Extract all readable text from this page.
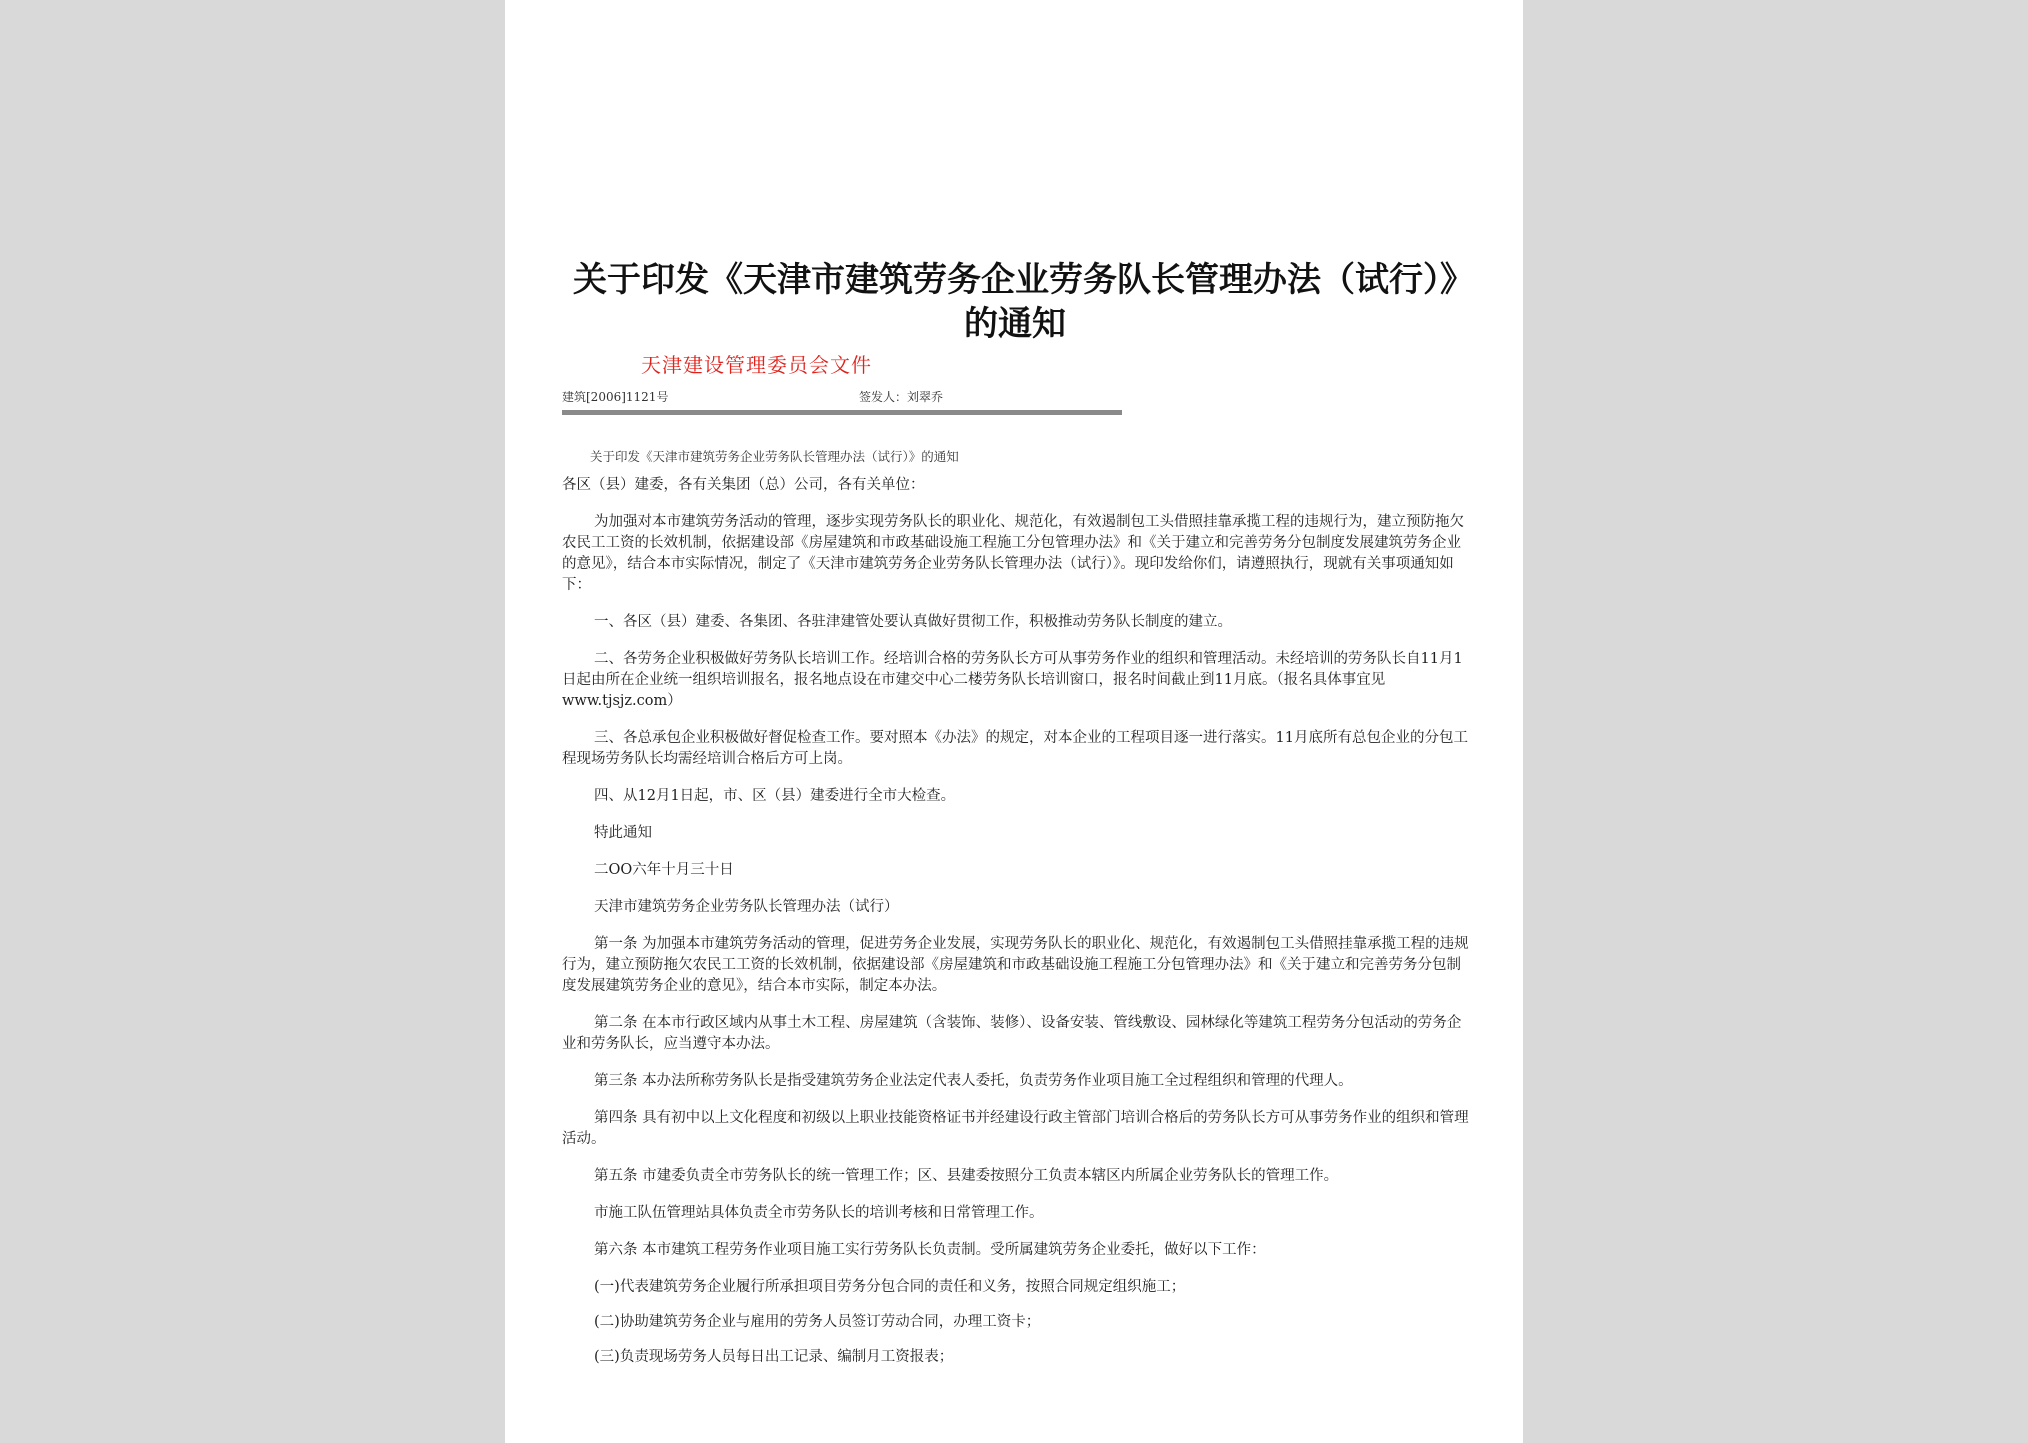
关于印发《天津市建筑劳务企业劳务队长管理办法（试行）》的通知
天津建设管理委员会文件
建筑[2006]1121号	签发人：刘翠乔

关于印发《天津市建筑劳务企业劳务队长管理办法（试行）》的通知

各区（县）建委，各有关集团（总）公司，各有关单位：

为加强对本市建筑劳务活动的管理，逐步实现劳务队长的职业化、规范化，有效遏制包工头借照挂靠承揽工程的违规行为，建立预防拖欠农民工工资的长效机制，依据建设部《房屋建筑和市政基础设施工程施工分包管理办法》和《关于建立和完善劳务分包制度发展建筑劳务企业的意见》，结合本市实际情况，制定了《天津市建筑劳务企业劳务队长管理办法（试行）》。现印发给你们，请遵照执行，现就有关事项通知如下：

一、各区（县）建委、各集团、各驻津建管处要认真做好贯彻工作，积极推动劳务队长制度的建立。

二、各劳务企业积极做好劳务队长培训工作。经培训合格的劳务队长方可从事劳务作业的组织和管理活动。未经培训的劳务队长自11月1日起由所在企业统一组织培训报名，报名地点设在市建交中心二楼劳务队长培训窗口，报名时间截止到11月底。（报名具体事宜见www.tjsjz.com）

三、各总承包企业积极做好督促检查工作。要对照本《办法》的规定，对本企业的工程项目逐一进行落实。11月底所有总包企业的分包工程现场劳务队长均需经培训合格后方可上岗。

四、从12月1日起，市、区（县）建委进行全市大检查。

特此通知

二OO六年十月三十日

天津市建筑劳务企业劳务队长管理办法（试行）

第一条 为加强本市建筑劳务活动的管理，促进劳务企业发展，实现劳务队长的职业化、规范化，有效遏制包工头借照挂靠承揽工程的违规行为，建立预防拖欠农民工工资的长效机制，依据建设部《房屋建筑和市政基础设施工程施工分包管理办法》和《关于建立和完善劳务分包制度发展建筑劳务企业的意见》，结合本市实际，制定本办法。

第二条 在本市行政区域内从事土木工程、房屋建筑（含装饰、装修）、设备安装、管线敷设、园林绿化等建筑工程劳务分包活动的劳务企业和劳务队长，应当遵守本办法。

第三条 本办法所称劳务队长是指受建筑劳务企业法定代表人委托，负责劳务作业项目施工全过程组织和管理的代理人。

第四条 具有初中以上文化程度和初级以上职业技能资格证书并经建设行政主管部门培训合格后的劳务队长方可从事劳务作业的组织和管理活动。

第五条 市建委负责全市劳务队长的统一管理工作；区、县建委按照分工负责本辖区内所属企业劳务队长的管理工作。

市施工队伍管理站具体负责全市劳务队长的培训考核和日常管理工作。

第六条 本市建筑工程劳务作业项目施工实行劳务队长负责制。受所属建筑劳务企业委托，做好以下工作：

(一)代表建筑劳务企业履行所承担项目劳务分包合同的责任和义务，按照合同规定组织施工；

(二)协助建筑劳务企业与雇用的劳务人员签订劳动合同，办理工资卡；

(三)负责现场劳务人员每日出工记录、编制月工资报表；
